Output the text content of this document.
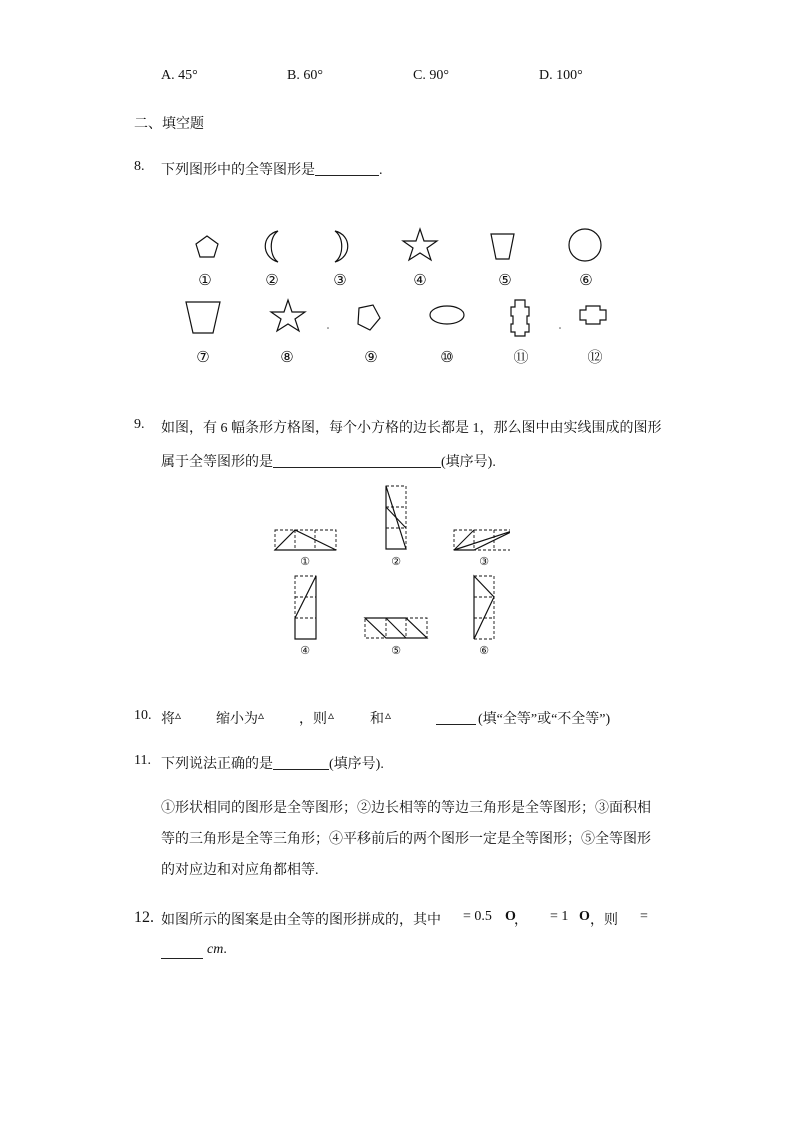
A. 45°	B. 60°	C. 90°	D. 100°
二、填空题
8. 下列图形中的全等图形是	.
①	②	③	④	⑤	⑥
⑦	⑧	⑨	⑩	⑪	⑫
9. 如图，有 6 幅条形方格图，每个小方格的边长都是 1，那么图中由实线围成的图形
属于全等图形的是	(填序号).
①	②	③
④	⑤	⑥
10. 将 ▵ 缩小为 ▵ ，则 ▵	和 ▵	(填“全等”或“不全等”)
11. 下列说法正确的是	(填序号).
①形状相同的图形是全等图形；②边长相等的等边三角形是全等图形；③面积相等的三角形是全等三角形；④平移前后的两个图形一定是全等图形；⑤全等图形的对应边和对应角都相等.
12. 如图所示的图案是由全等的图形拼成的，其中 = 0.5 O
， = 1 O ，则 =
cm.
